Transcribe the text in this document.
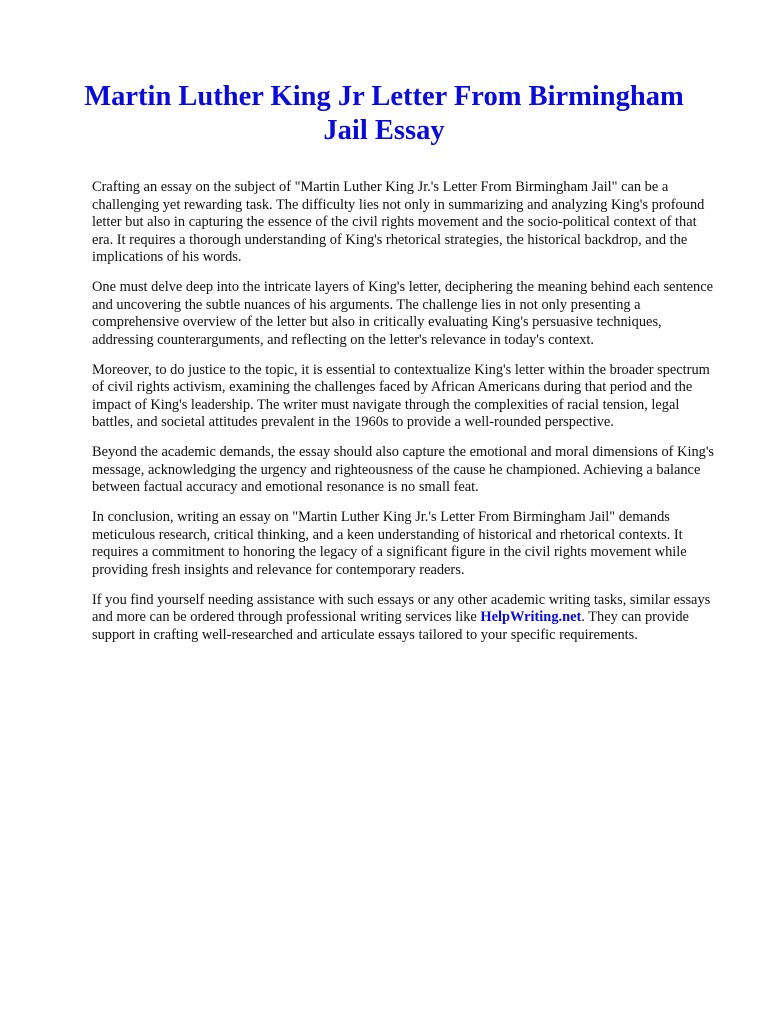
Martin Luther King Jr Letter From Birmingham Jail Essay

Crafting an essay on the subject of "Martin Luther King Jr.'s Letter From Birmingham Jail" can be a challenging yet rewarding task. The difficulty lies not only in summarizing and analyzing King's profound letter but also in capturing the essence of the civil rights movement and the socio-political context of that era. It requires a thorough understanding of King's rhetorical strategies, the historical backdrop, and the implications of his words.

One must delve deep into the intricate layers of King's letter, deciphering the meaning behind each sentence and uncovering the subtle nuances of his arguments. The challenge lies in not only presenting a comprehensive overview of the letter but also in critically evaluating King's persuasive techniques, addressing counterarguments, and reflecting on the letter's relevance in today's context.

Moreover, to do justice to the topic, it is essential to contextualize King's letter within the broader spectrum of civil rights activism, examining the challenges faced by African Americans during that period and the impact of King's leadership. The writer must navigate through the complexities of racial tension, legal battles, and societal attitudes prevalent in the 1960s to provide a well-rounded perspective.

Beyond the academic demands, the essay should also capture the emotional and moral dimensions of King's message, acknowledging the urgency and righteousness of the cause he championed. Achieving a balance between factual accuracy and emotional resonance is no small feat.

In conclusion, writing an essay on "Martin Luther King Jr.'s Letter From Birmingham Jail" demands meticulous research, critical thinking, and a keen understanding of historical and rhetorical contexts. It requires a commitment to honoring the legacy of a significant figure in the civil rights movement while providing fresh insights and relevance for contemporary readers.

If you find yourself needing assistance with such essays or any other academic writing tasks, similar essays and more can be ordered through professional writing services like HelpWriting.net. They can provide support in crafting well-researched and articulate essays tailored to your specific requirements.
